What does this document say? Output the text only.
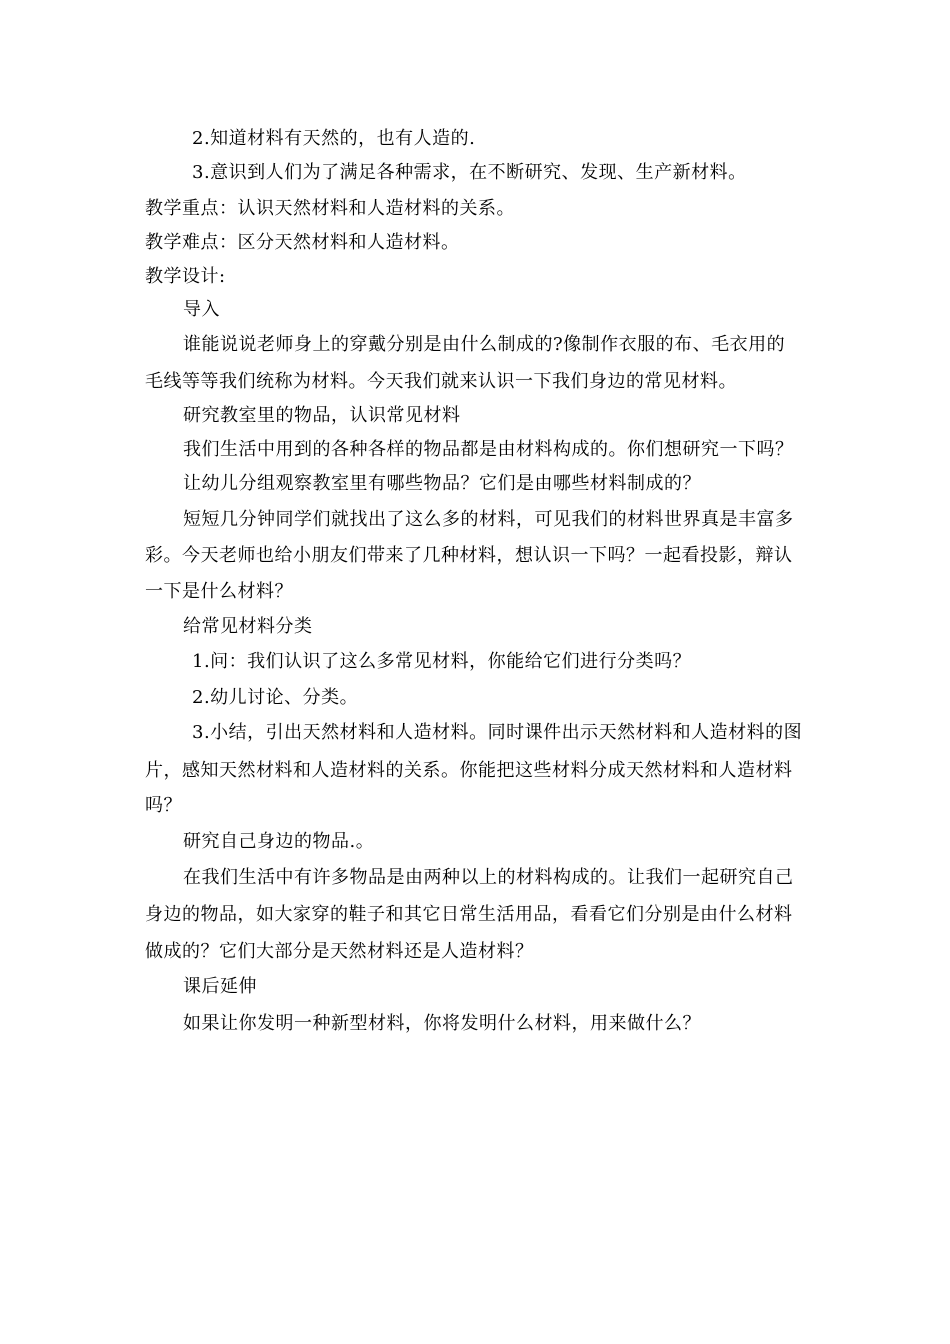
2.知道材料有天然的，也有人造的.
3.意识到人们为了满足各种需求，在不断研究、发现、生产新材料。
教学重点：认识天然材料和人造材料的关系。
教学难点：区分天然材料和人造材料。
教学设计:
导入
谁能说说老师身上的穿戴分别是由什么制成的?像制作衣服的布、毛衣用的
毛线等等我们统称为材料。今天我们就来认识一下我们身边的常见材料。
研究教室里的物品，认识常见材料
我们生活中用到的各种各样的物品都是由材料构成的。你们想研究一下吗？
让幼儿分组观察教室里有哪些物品？它们是由哪些材料制成的？
短短几分钟同学们就找出了这么多的材料，可见我们的材料世界真是丰富多
彩。今天老师也给小朋友们带来了几种材料，想认识一下吗？一起看投影，辩认
一下是什么材料？
给常见材料分类
1.问：我们认识了这么多常见材料，你能给它们进行分类吗？
2.幼儿讨论、分类。
3.小结，引出天然材料和人造材料。同时课件出示天然材料和人造材料的图
片，感知天然材料和人造材料的关系。你能把这些材料分成天然材料和人造材料
吗？
研究自己身边的物品.。
在我们生活中有许多物品是由两种以上的材料构成的。让我们一起研究自己
身边的物品，如大家穿的鞋子和其它日常生活用品，看看它们分别是由什么材料
做成的？它们大部分是天然材料还是人造材料？
课后延伸
如果让你发明一种新型材料，你将发明什么材料，用来做什么？
